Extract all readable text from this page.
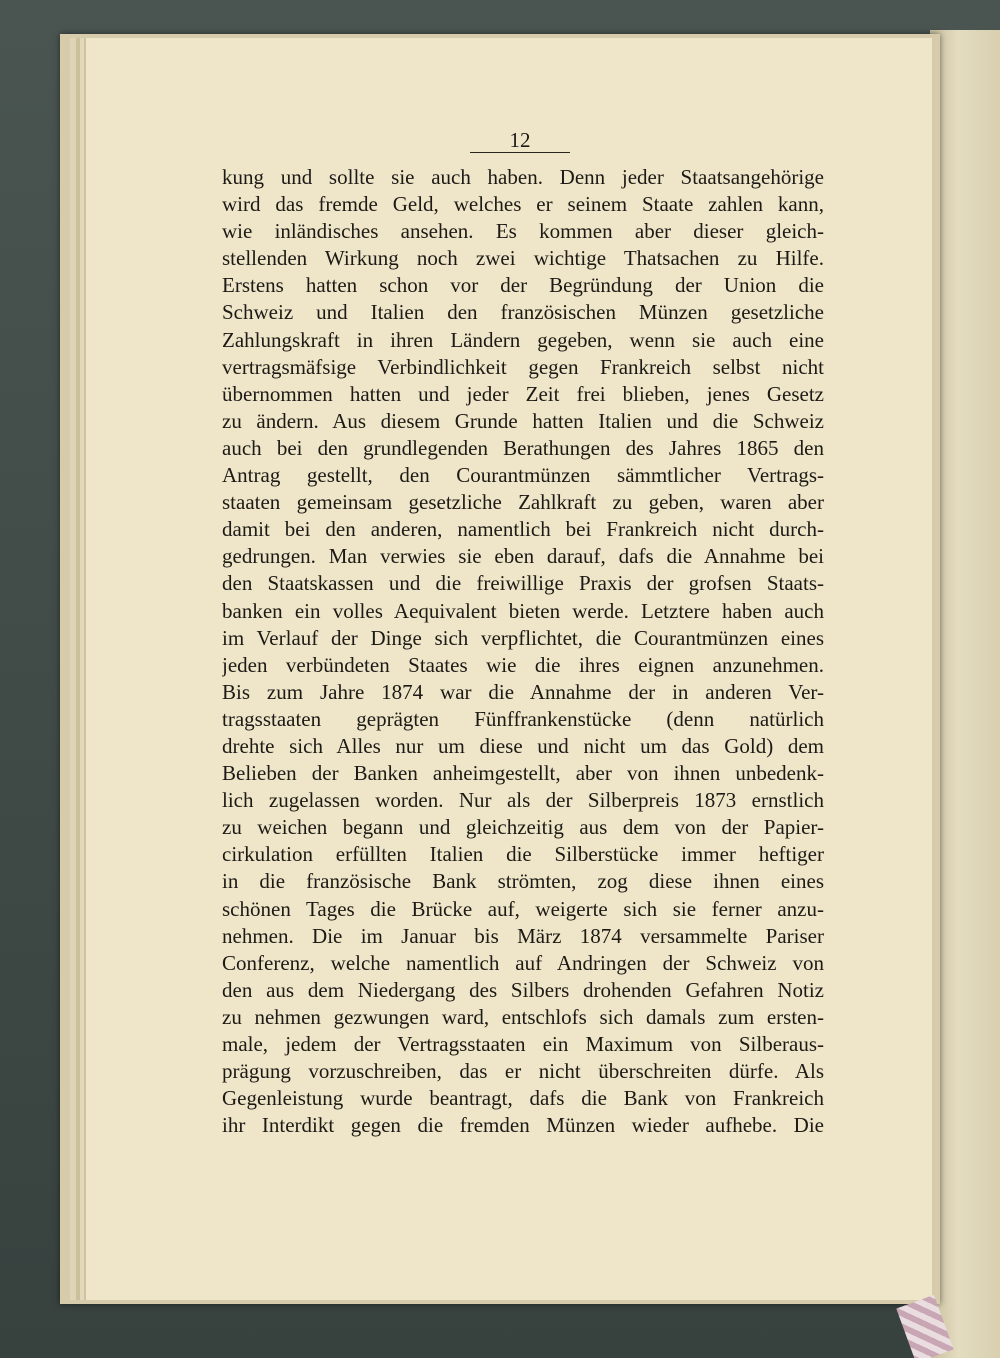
12
kung und sollte sie auch haben. Denn jeder Staatsangehörige
wird das fremde Geld, welches er seinem Staate zahlen kann,
wie inländisches ansehen. Es kommen aber dieser gleich-
stellenden Wirkung noch zwei wichtige Thatsachen zu Hilfe.
Erstens hatten schon vor der Begründung der Union die
Schweiz und Italien den französischen Münzen gesetzliche
Zahlungskraft in ihren Ländern gegeben, wenn sie auch eine
vertragsmäfsige Verbindlichkeit gegen Frankreich selbst nicht
übernommen hatten und jeder Zeit frei blieben, jenes Gesetz
zu ändern. Aus diesem Grunde hatten Italien und die Schweiz
auch bei den grundlegenden Berathungen des Jahres 1865 den
Antrag gestellt, den Courantmünzen sämmtlicher Vertrags-
staaten gemeinsam gesetzliche Zahlkraft zu geben, waren aber
damit bei den anderen, namentlich bei Frankreich nicht durch-
gedrungen. Man verwies sie eben darauf, dafs die Annahme bei
den Staatskassen und die freiwillige Praxis der grofsen Staats-
banken ein volles Aequivalent bieten werde. Letztere haben auch
im Verlauf der Dinge sich verpflichtet, die Courantmünzen eines
jeden verbündeten Staates wie die ihres eignen anzunehmen.
Bis zum Jahre 1874 war die Annahme der in anderen Ver-
tragsstaaten geprägten Fünffrankenstücke (denn natürlich
drehte sich Alles nur um diese und nicht um das Gold) dem
Belieben der Banken anheimgestellt, aber von ihnen unbedenk-
lich zugelassen worden. Nur als der Silberpreis 1873 ernstlich
zu weichen begann und gleichzeitig aus dem von der Papier-
cirkulation erfüllten Italien die Silberstücke immer heftiger
in die französische Bank strömten, zog diese ihnen eines
schönen Tages die Brücke auf, weigerte sich sie ferner anzu-
nehmen. Die im Januar bis März 1874 versammelte Pariser
Conferenz, welche namentlich auf Andringen der Schweiz von
den aus dem Niedergang des Silbers drohenden Gefahren Notiz
zu nehmen gezwungen ward, entschlofs sich damals zum ersten-
male, jedem der Vertragsstaaten ein Maximum von Silberaus-
prägung vorzuschreiben, das er nicht überschreiten dürfe. Als
Gegenleistung wurde beantragt, dafs die Bank von Frankreich
ihr Interdikt gegen die fremden Münzen wieder aufhebe. Die
